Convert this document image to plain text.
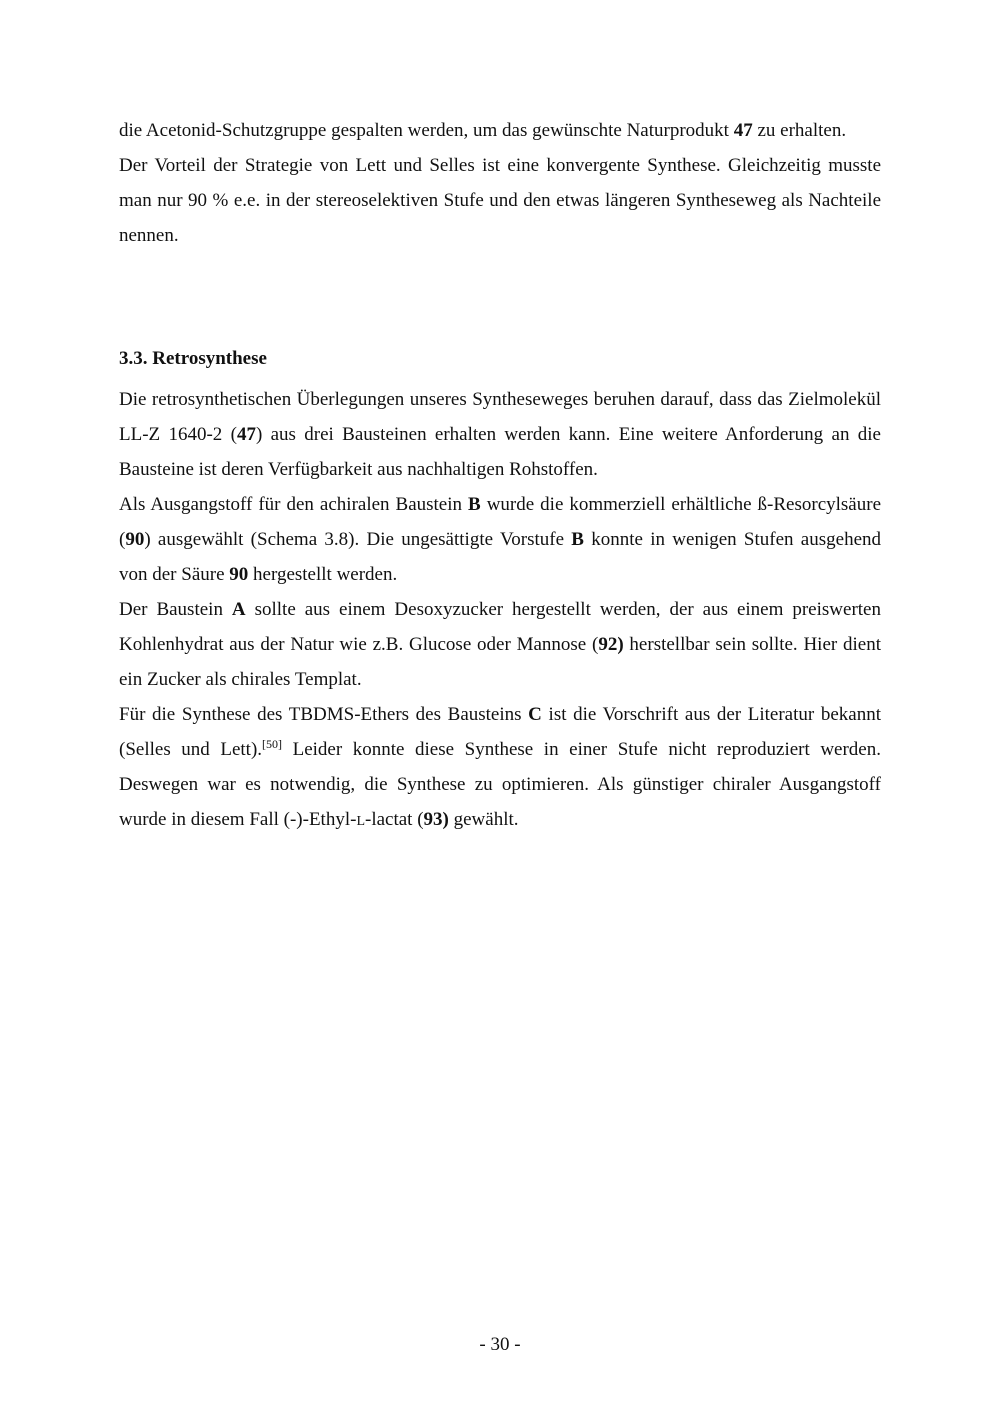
die Acetonid-Schutzgruppe gespalten werden, um das gewünschte Naturprodukt 47 zu erhalten.

Der Vorteil der Strategie von Lett und Selles ist eine konvergente Synthese. Gleichzeitig musste man nur 90 % e.e. in der stereoselektiven Stufe und den etwas längeren Syntheseweg als Nachteile nennen.

3.3. Retrosynthese

Die retrosynthetischen Überlegungen unseres Syntheseweges beruhen darauf, dass das Zielmolekül LL-Z 1640-2 (47) aus drei Bausteinen erhalten werden kann. Eine weitere Anforderung an die Bausteine ist deren Verfügbarkeit aus nachhaltigen Rohstoffen.

Als Ausgangstoff für den achiralen Baustein B wurde die kommerziell erhältliche ß-Resorcylsäure (90) ausgewählt (Schema 3.8). Die ungesättigte Vorstufe B konnte in wenigen Stufen ausgehend von der Säure 90 hergestellt werden.

Der Baustein A sollte aus einem Desoxyzucker hergestellt werden, der aus einem preiswerten Kohlenhydrat aus der Natur wie z.B. Glucose oder Mannose (92) herstellbar sein sollte. Hier dient ein Zucker als chirales Templat.

Für die Synthese des TBDMS-Ethers des Bausteins C ist die Vorschrift aus der Literatur bekannt (Selles und Lett).[50] Leider konnte diese Synthese in einer Stufe nicht reproduziert werden. Deswegen war es notwendig, die Synthese zu optimieren. Als günstiger chiraler Ausgangstoff wurde in diesem Fall (-)-Ethyl-L-lactat (93) gewählt.

- 30 -
